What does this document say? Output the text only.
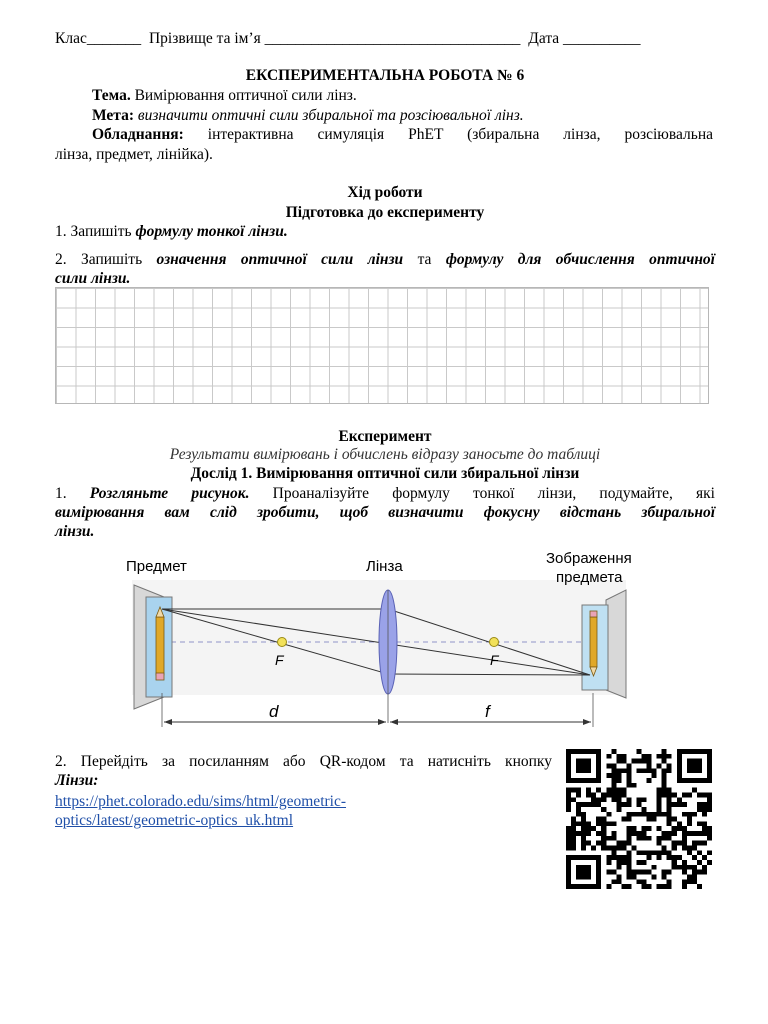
Клас_______ Прізвище та ім’я _________________________________ Дата __________
ЕКСПЕРИМЕНТАЛЬНА РОБОТА № 6
Тема. Вимірювання оптичної сили лінз.
Мета: визначити оптичні сили збиральної та розсіювальної лінз.
Обладнання: інтерактивна симуляція PhET (збиральна лінза, розсіювальна
лінза, предмет, лінійка).
Хід роботи
Підготовка до експерименту
1. Запишіть формулу тонкої лінзи.
2. Запишіть означення оптичної сили лінзи та формулу для обчислення оптичної
сили лінзи.
Експеримент
Результати вимірювань і обчислень відразу заносьте до таблиці
Дослід 1. Вимірювання оптичної сили збиральної лінзи
1. Розгляньте рисунок. Проаналізуйте формулу тонкої лінзи, подумайте, які
вимірювання вам слід зробити, щоб визначити фокусну відстань збиральної
лінзи.
Предмет	Лінза	Зображення
предмета
F	F
d	f
2. Перейдіть за посиланням або QR-кодом та натисніть кнопку
Лінзи:
https://phet.colorado.edu/sims/html/geometric-
optics/latest/geometric-optics_uk.html
